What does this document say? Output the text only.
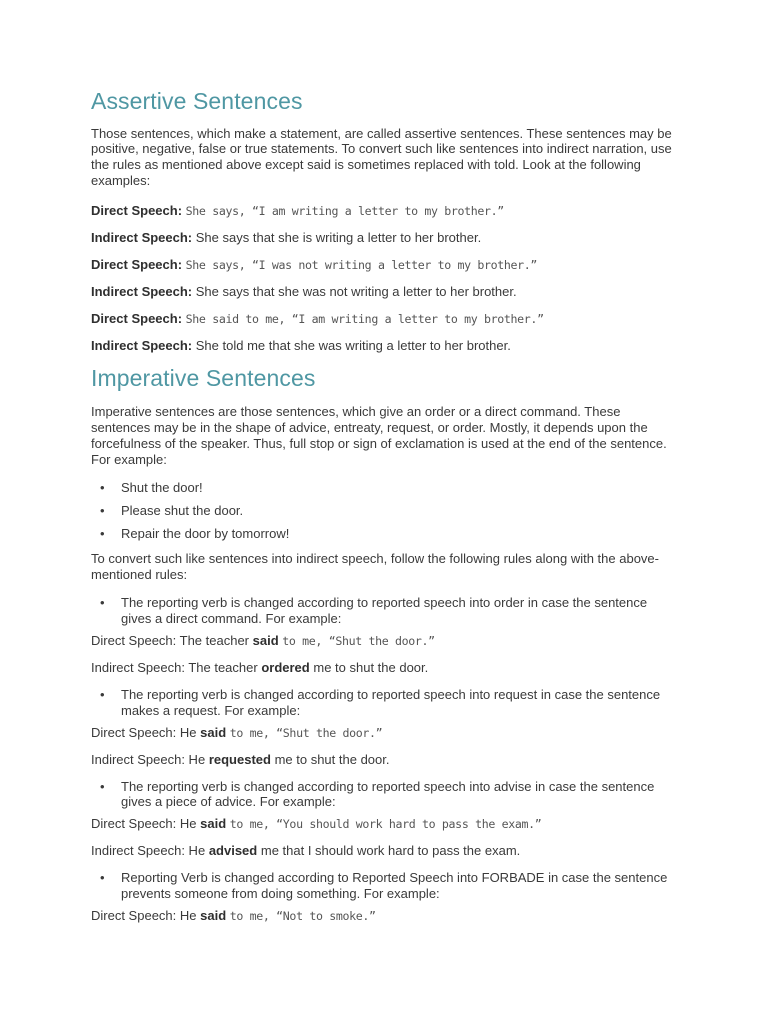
Assertive Sentences

Those sentences, which make a statement, are called assertive sentences. These sentences may be positive, negative, false or true statements. To convert such like sentences into indirect narration, use the rules as mentioned above except said is sometimes replaced with told. Look at the following examples:

Direct Speech: She says, “I am writing a letter to my brother.”
Indirect Speech: She says that she is writing a letter to her brother.
Direct Speech: She says, “I was not writing a letter to my brother.”
Indirect Speech: She says that she was not writing a letter to her brother.
Direct Speech: She said to me, “I am writing a letter to my brother.”
Indirect Speech: She told me that she was writing a letter to her brother.
Imperative Sentences

Imperative sentences are those sentences, which give an order or a direct command. These sentences may be in the shape of advice, entreaty, request, or order. Mostly, it depends upon the forcefulness of the speaker. Thus, full stop or sign of exclamation is used at the end of the sentence. For example:

• Shut the door!
• Please shut the door.
• Repair the door by tomorrow!

To convert such like sentences into indirect speech, follow the following rules along with the above-mentioned rules:

• The reporting verb is changed according to reported speech into order in case the sentence gives a direct command. For example:
Direct Speech: The teacher said to me, “Shut the door.”
Indirect Speech: The teacher ordered me to shut the door.
• The reporting verb is changed according to reported speech into request in case the sentence makes a request. For example:
Direct Speech: He said to me, “Shut the door.”
Indirect Speech: He requested me to shut the door.
• The reporting verb is changed according to reported speech into advise in case the sentence gives a piece of advice. For example:
Direct Speech: He said to me, “You should work hard to pass the exam.”
Indirect Speech: He advised me that I should work hard to pass the exam.
• Reporting Verb is changed according to Reported Speech into FORBADE in case the sentence prevents someone from doing something. For example:
Direct Speech: He said to me, “Not to smoke.”
